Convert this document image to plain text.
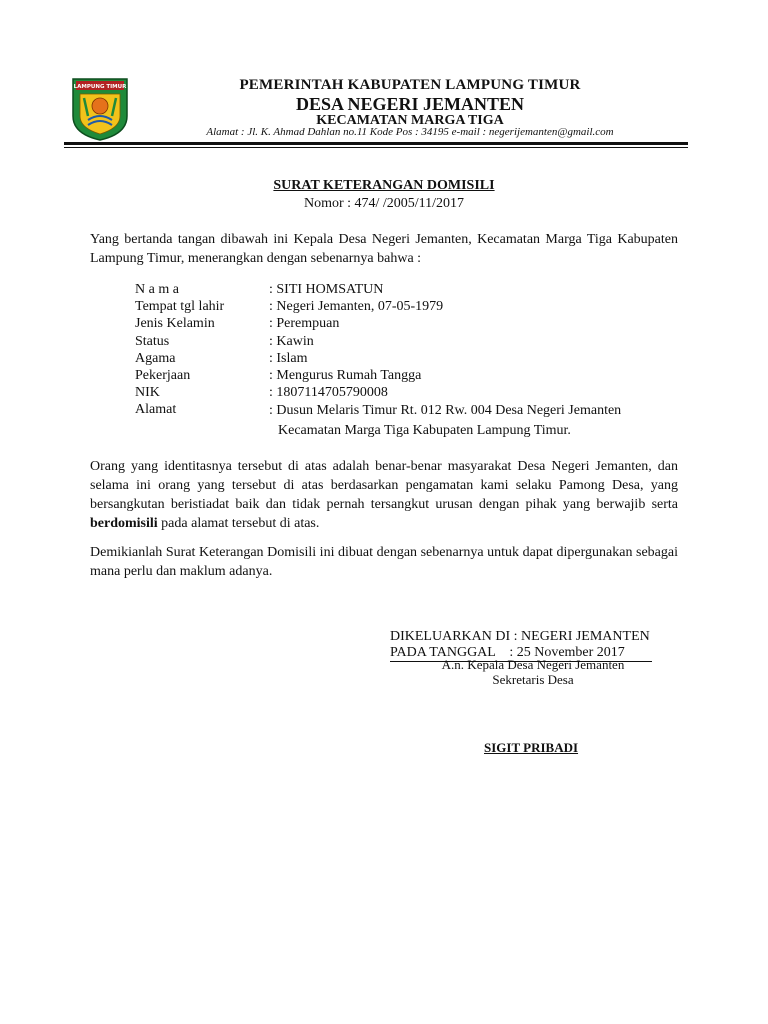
LAMPUNG TIMUR	PEMERINTAH KABUPATEN LAMPUNG TIMUR
DESA NEGERI JEMANTEN
KECAMATAN MARGA TIGA
Alamat : Jl. K. Ahmad Dahlan no.11 Kode Pos : 34195 e-mail : negerijemanten@gmail.com
SURAT KETERANGAN DOMISILI
Nomor : 474/ /2005/11/2017
Yang bertanda tangan dibawah ini Kepala Desa Negeri Jemanten, Kecamatan Marga Tiga Kabupaten Lampung Timur, menerangkan dengan sebenarnya bahwa :
N a m a	: SITI HOMSATUN
Tempat tgl lahir	: Negeri Jemanten, 07-05-1979
Jenis Kelamin	: Perempuan
Status	: Kawin
Agama	: Islam
Pekerjaan	: Mengurus Rumah Tangga
NIK	: 1807114705790008
Alamat	: Dusun Melaris Timur Rt. 012 Rw. 004 Desa Negeri Jemanten
Kecamatan Marga Tiga Kabupaten Lampung Timur.
Orang yang identitasnya tersebut di atas adalah benar-benar masyarakat Desa Negeri Jemanten, dan selama ini orang yang tersebut di atas berdasarkan pengamatan kami selaku Pamong Desa, yang bersangkutan beristiadat baik dan tidak pernah tersangkut urusan dengan pihak yang berwajib serta berdomisili pada alamat tersebut di atas.
Demikianlah Surat Keterangan Domisili ini dibuat dengan sebenarnya untuk dapat dipergunakan sebagai mana perlu dan maklum adanya.
DIKELUARKAN DI : NEGERI JEMANTEN
PADA TANGGAL    : 25 November 2017
A.n. Kepala Desa Negeri Jemanten
Sekretaris Desa
SIGIT PRIBADI
